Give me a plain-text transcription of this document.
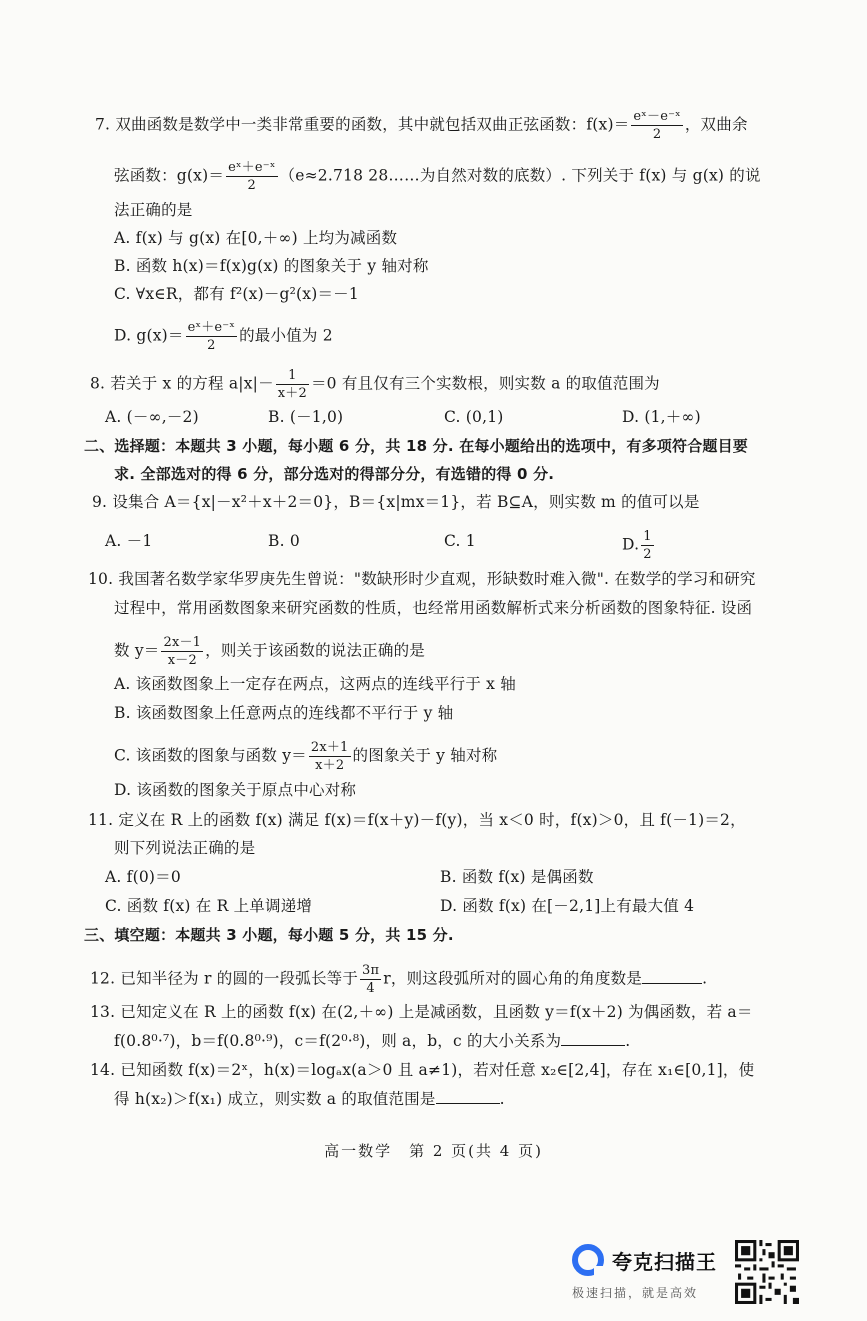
7. 双曲函数是数学中一类非常重要的函数，其中就包括双曲正弦函数：$f(x)= \frac{\text{eˣ－e⁻ˣ}}{2}$ ，双曲余
弦函数：$g(x)= \frac{\text{eˣ＋e⁻ˣ}}{2} (e\approx 2.718$ 28……为自然对数的底数）. 下列关于 f(x) 与 g(x) 的说
法正确的是
A. f(x) 与 g(x) 在[0,＋∞) 上均为减函数
B. 函数 h(x)＝f(x)g(x) 的图象关于 y 轴对称
C. ∀x∈R，都有 f²(x)－g²(x)＝－1
D. $g(x)= \frac{\text{eˣ＋e⁻ˣ}}{2}$ 的最小值为 2
8. 若关于 x 的方程 $a|x|- \frac{1}{x+2} =0$ 有且仅有三个实数根，则实数 a 的取值范围为
A. (－∞,－2)	B. (－1,0)	C. (0,1)	D. (1,＋∞)
二、选择题：本题共 3 小题，每小题 6 分，共 18 分. 在每小题给出的选项中，有多项符合题目要
求. 全部选对的得 6 分，部分选对的得部分分，有选错的得 0 分.
9. 设集合 A＝{x|－x²＋x＋2＝0}，B＝{x|mx＝1}，若 B⊆A，则实数 m 的值可以是
A. －1	B. 0	C. 1	D. $\frac{1}{2}$
10. 我国著名数学家华罗庚先生曾说："数缺形时少直观，形缺数时难入微". 在数学的学习和研究
过程中，常用函数图象来研究函数的性质，也经常用函数解析式来分析函数的图象特征. 设函
数 $y= \frac{2x-1}{x-2}$ ，则关于该函数的说法正确的是
A. 该函数图象上一定存在两点，这两点的连线平行于 x 轴
B. 该函数图象上任意两点的连线都不平行于 y 轴
C. 该函数的图象与函数 $y= \frac{2x+1}{x+2}$ 的图象关于 y 轴对称
D. 该函数的图象关于原点中心对称
11. 定义在 R 上的函数 f(x) 满足 f(x)＝f(x＋y)－f(y)，当 x＜0 时，f(x)＞0，且 f(－1)＝2，
则下列说法正确的是
A. f(0)＝0	B. 函数 f(x) 是偶函数
C. 函数 f(x) 在 R 上单调递增	D. 函数 f(x) 在[－2,1]上有最大值 4
三、填空题：本题共 3 小题，每小题 5 分，共 15 分.
12. 已知半径为 r 的圆的一段弧长等于 $\frac{3\pi}{4}$ r，则这段弧所对的圆心角的角度数是	.
13. 已知定义在 R 上的函数 f(x) 在(2,＋∞) 上是减函数，且函数 y＝f(x＋2) 为偶函数，若 a＝
f(0.8⁰·⁷)，b＝f(0.8⁰·⁹)，c＝f(2⁰·⁸)，则 a，b，c 的大小关系为	.
14. 已知函数 f(x)＝2ˣ，h(x)＝logₐx(a＞0 且 a≠1)，若对任意 x₂∈[2,4]，存在 x₁∈[0,1]，使
得 h(x₂)＞f(x₁) 成立，则实数 a 的取值范围是	.
高一数学　第 2 页(共 4 页)
夸克扫描王
极速扫描，就是高效
